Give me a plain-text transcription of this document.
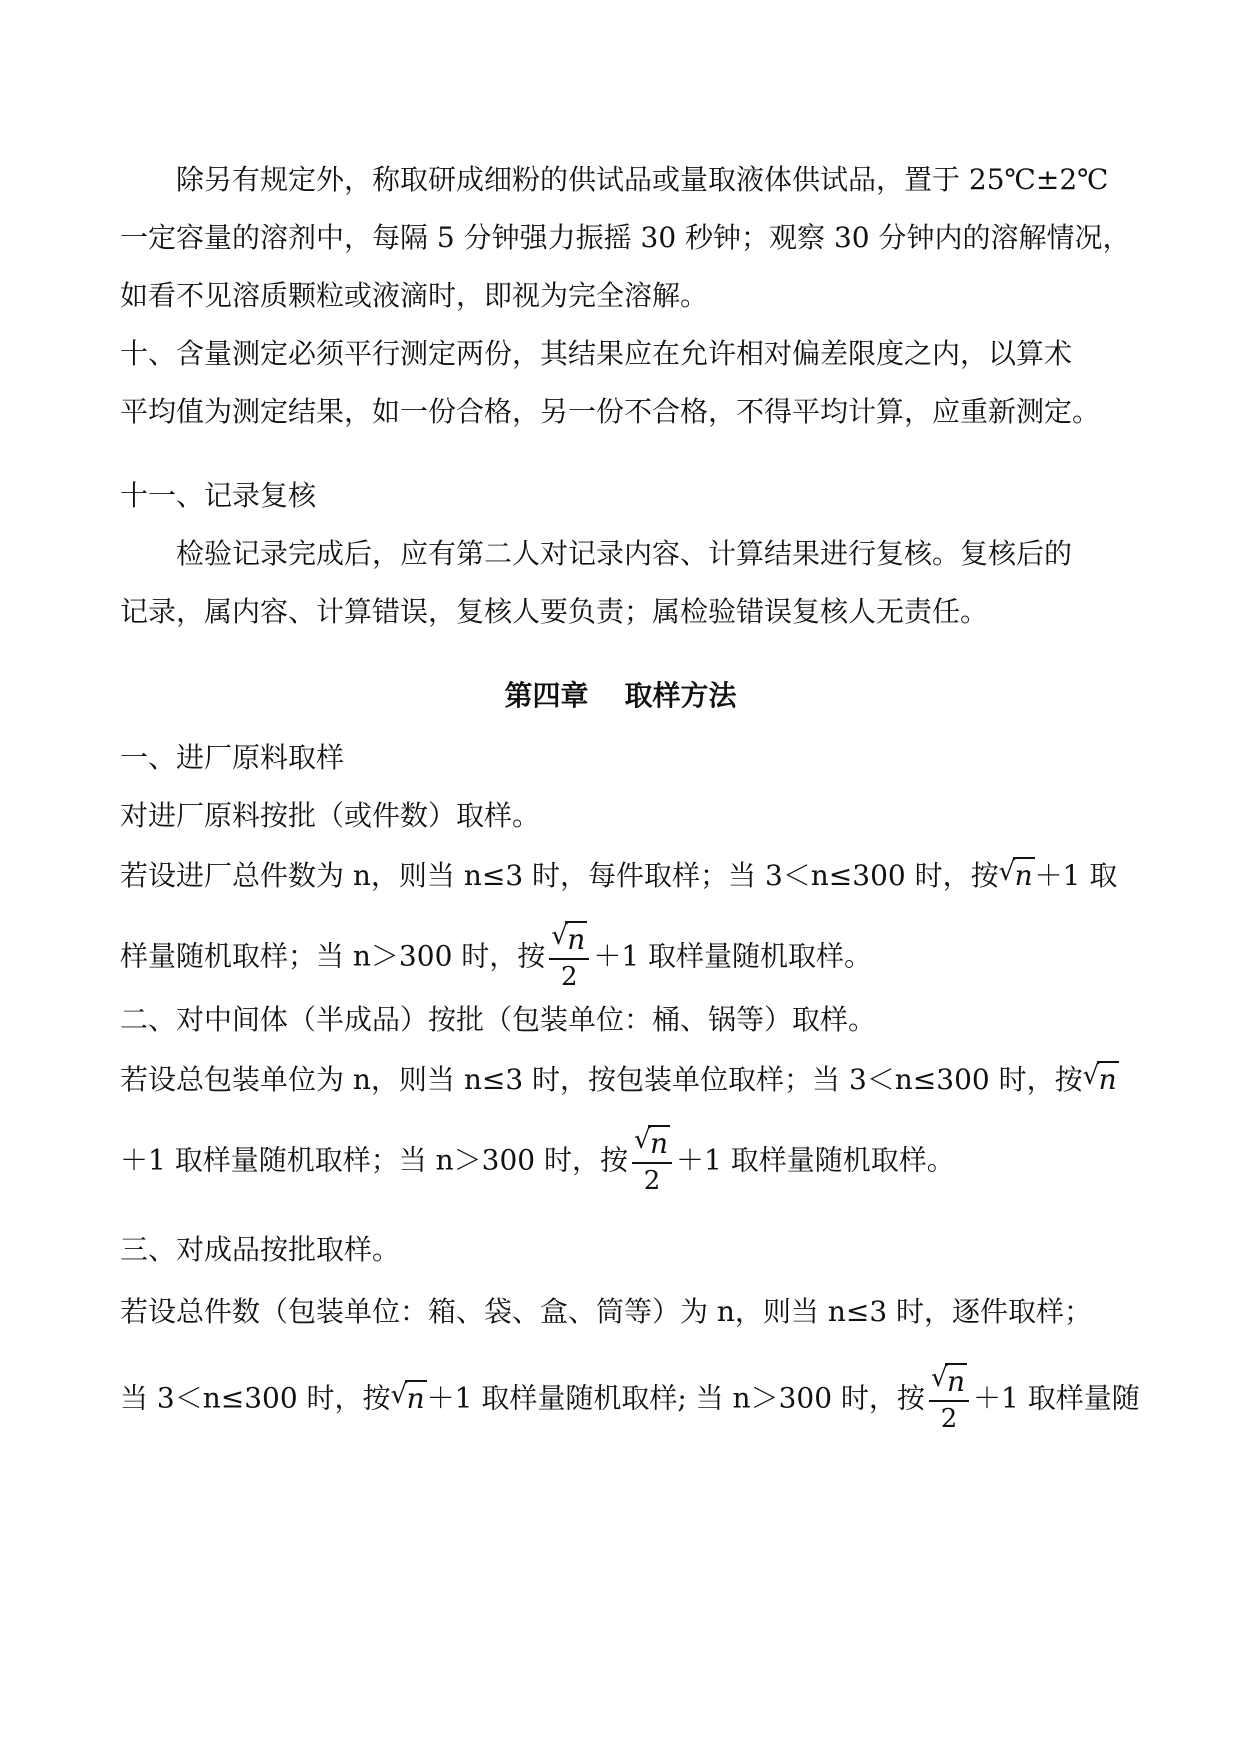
除另有规定外，称取研成细粉的供试品或量取液体供试品，置于 25℃±2℃
一定容量的溶剂中，每隔 5 分钟强力振摇 30 秒钟；观察 30 分钟内的溶解情况，
如看不见溶质颗粒或液滴时，即视为完全溶解。
十、含量测定必须平行测定两份，其结果应在允许相对偏差限度之内，以算术
平均值为测定结果，如一份合格，另一份不合格，不得平均计算，应重新测定。
十一、记录复核
检验记录完成后，应有第二人对记录内容、计算结果进行复核。复核后的
记录，属内容、计算错误，复核人要负责；属检验错误复核人无责任。
第四章 取样方法
一、进厂原料取样
对进厂原料按批（或件数）取样。
若设进厂总件数为 n，则当 n≤3 时，每件取样；当 3＜n≤300 时，按 √ n＋1 取
样量随机取样；当 n＞300 时，按 $\frac{√ n}{2} +1$ 取样量随机取样。
二、对中间体（半成品）按批（包装单位：桶、锅等）取样。
若设总包装单位为 n，则当 n≤3 时，按包装单位取样；当 3＜n≤300 时，按 √ n
＋1 取样量随机取样；当 n＞300 时，按 $\frac{√ n}{2} +1$ 取样量随机取样。
三、对成品按批取样。
若设总件数（包装单位：箱、袋、盒、筒等）为 n，则当 n≤3 时，逐件取样；
当 3＜n≤300 时，按 √ n＋1 取样量随机取样; 当 n＞300 时，按 $\frac{√ n}{2} +1$ 取样量随
